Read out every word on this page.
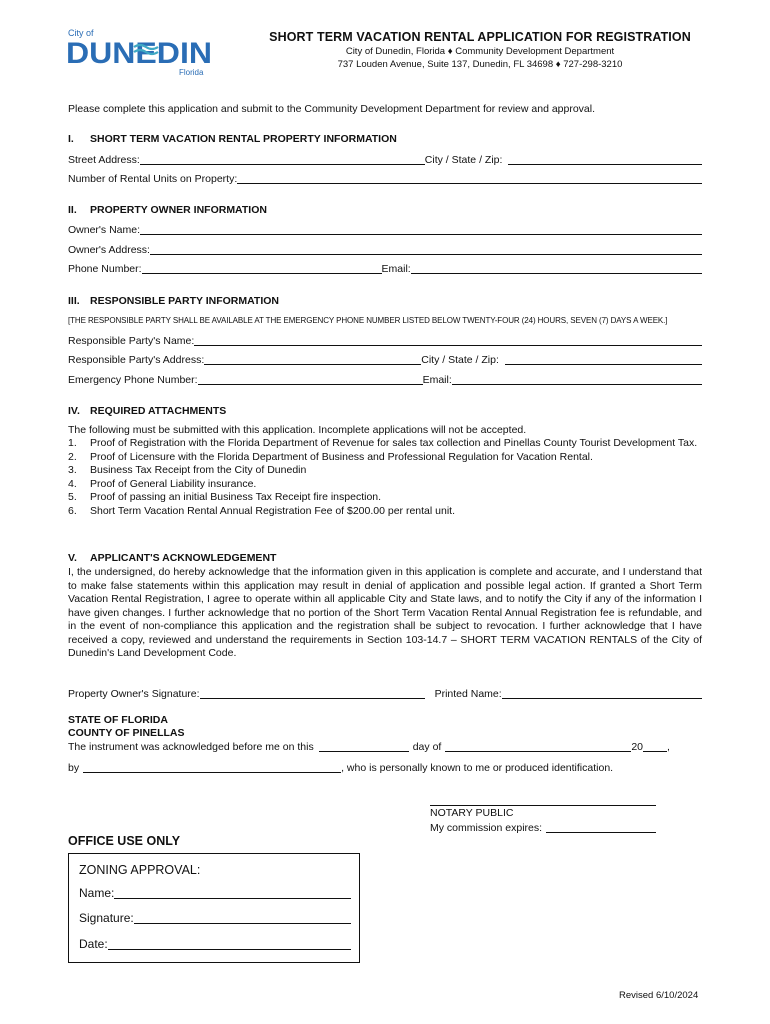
City of
DUNEDIN
Florida
SHORT TERM VACATION RENTAL APPLICATION FOR REGISTRATION
City of Dunedin, Florida ♦ Community Development Department
737 Louden Avenue, Suite 137, Dunedin, FL 34698 ♦ 727-298-3210
Please complete this application and submit to the Community Development Department for review and approval.
I. SHORT TERM VACATION RENTAL PROPERTY INFORMATION
Street Address:	City / State / Zip:
Number of Rental Units on Property:
II. PROPERTY OWNER INFORMATION
Owner's Name:
Owner's Address:
Phone Number:	Email:
III. RESPONSIBLE PARTY INFORMATION
[THE RESPONSIBLE PARTY SHALL BE AVAILABLE AT THE EMERGENCY PHONE NUMBER LISTED BELOW TWENTY-FOUR (24) HOURS, SEVEN (7) DAYS A WEEK.]
Responsible Party's Name:
Responsible Party's Address:	City / State / Zip:
Emergency Phone Number:	Email:
IV. REQUIRED ATTACHMENTS
The following must be submitted with this application. Incomplete applications will not be accepted.
1.	Proof of Registration with the Florida Department of Revenue for sales tax collection and Pinellas County Tourist Development Tax.
2.	Proof of Licensure with the Florida Department of Business and Professional Regulation for Vacation Rental.
3.	Business Tax Receipt from the City of Dunedin
4.	Proof of General Liability insurance.
5.	Proof of passing an initial Business Tax Receipt fire inspection.
6.	Short Term Vacation Rental Annual Registration Fee of $200.00 per rental unit.
V. APPLICANT'S ACKNOWLEDGEMENT
I, the undersigned, do hereby acknowledge that the information given in this application is complete and accurate, and I understand that to make false statements within this application may result in denial of application and possible legal action. If granted a Short Term Vacation Rental Registration, I agree to operate within all applicable City and State laws, and to notify the City if any of the information I have given changes. I further acknowledge that no portion of the Short Term Vacation Rental Annual Registration fee is refundable, and in the event of non-compliance this application and the registration shall be subject to revocation. I further acknowledge that I have received a copy, reviewed and understand the requirements in Section 103-14.7 – SHORT TERM VACATION RENTALS of the City of Dunedin's Land Development Code.
Property Owner's Signature:	Printed Name:
STATE OF FLORIDA
COUNTY OF PINELLAS
The instrument was acknowledged before me on this	day of	20 ,
by	, who is personally known to me or produced identification.
NOTARY PUBLIC
My commission expires:
OFFICE USE ONLY
ZONING APPROVAL:
Name:
Signature:
Date:
Revised 6/10/2024
